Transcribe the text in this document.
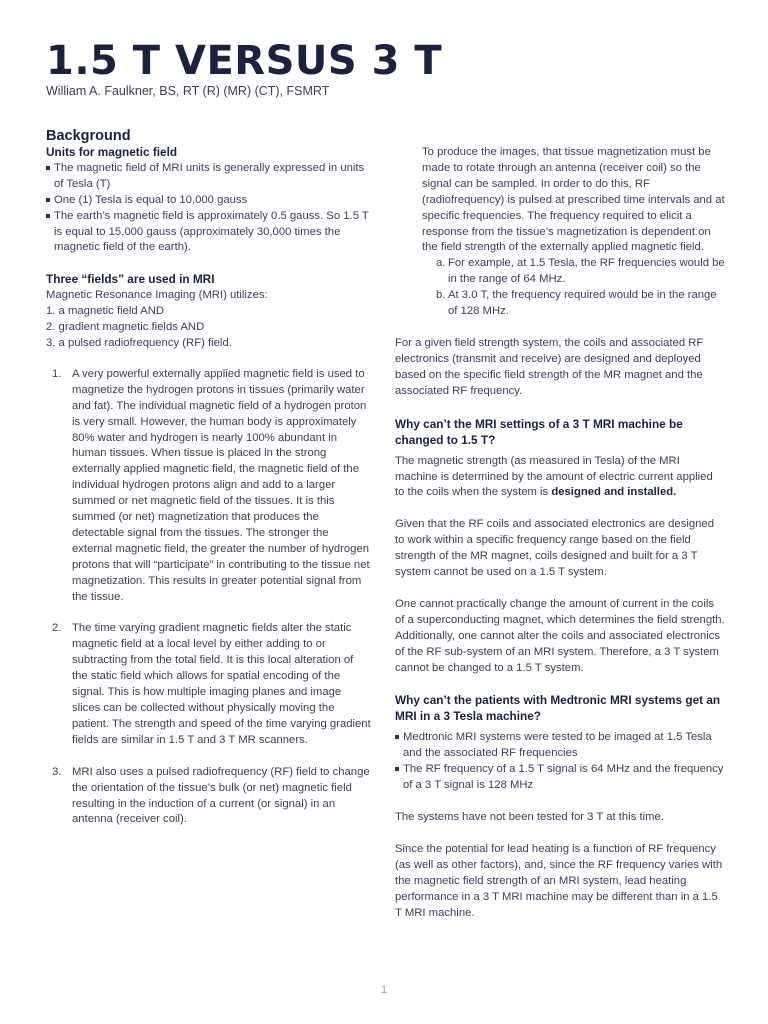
1.5 T VERSUS 3 T
William A. Faulkner, BS, RT (R) (MR) (CT), FSMRT
Background
Units for magnetic field
The magnetic field of MRI units is generally expressed in units of Tesla (T)
One (1) Tesla is equal to 10,000 gauss
The earth’s magnetic field is approximately 0.5 gauss. So 1.5 T is equal to 15,000 gauss (approximately 30,000 times the magnetic field of the earth).
Three “fields” are used in MRI
Magnetic Resonance Imaging (MRI) utilizes:
1. a magnetic field AND
2. gradient magnetic fields AND
3. a pulsed radiofrequency (RF) field.
1. A very powerful externally applied magnetic field is used to magnetize the hydrogen protons in tissues (primarily water and fat). The individual magnetic field of a hydrogen proton is very small. However, the human body is approximately 80% water and hydrogen is nearly 100% abundant in human tissues. When tissue is placed in the strong externally applied magnetic field, the magnetic field of the individual hydrogen protons align and add to a larger summed or net magnetic field of the tissues. It is this summed (or net) magnetization that produces the detectable signal from the tissues. The stronger the external magnetic field, the greater the number of hydrogen protons that will “participate” in contributing to the tissue net magnetization. This results in greater potential signal from the tissue.
2. The time varying gradient magnetic fields alter the static magnetic field at a local level by either adding to or subtracting from the total field. It is this local alteration of the static field which allows for spatial encoding of the signal. This is how multiple imaging planes and image slices can be collected without physically moving the patient. The strength and speed of the time varying gradient fields are similar in 1.5 T and 3 T MR scanners.
3. MRI also uses a pulsed radiofrequency (RF) field to change the orientation of the tissue’s bulk (or net) magnetic field resulting in the induction of a current (or signal) in an antenna (receiver coil).
To produce the images, that tissue magnetization must be made to rotate through an antenna (receiver coil) so the signal can be sampled. In order to do this, RF (radiofrequency) is pulsed at prescribed time intervals and at specific frequencies. The frequency required to elicit a response from the tissue’s magnetization is dependent on the field strength of the externally applied magnetic field.
a. For example, at 1.5 Tesla, the RF frequencies would be in the range of 64 MHz.
b. At 3.0 T, the frequency required would be in the range of 128 MHz.
For a given field strength system, the coils and associated RF electronics (transmit and receive) are designed and deployed based on the specific field strength of the MR magnet and the associated RF frequency.
Why can’t the MRI settings of a 3 T MRI machine be changed to 1.5 T?
The magnetic strength (as measured in Tesla) of the MRI machine is determined by the amount of electric current applied to the coils when the system is designed and installed.
Given that the RF coils and associated electronics are designed to work within a specific frequency range based on the field strength of the MR magnet, coils designed and built for a 3 T system cannot be used on a 1.5 T system.
One cannot practically change the amount of current in the coils of a superconducting magnet, which determines the field strength. Additionally, one cannot alter the coils and associated electronics of the RF sub-system of an MRI system. Therefore, a 3 T system cannot be changed to a 1.5 T system.
Why can’t the patients with Medtronic MRI systems get an MRI in a 3 Tesla machine?
Medtronic MRI systems were tested to be imaged at 1.5 Tesla and the associated RF frequencies
The RF frequency of a 1.5 T signal is 64 MHz and the frequency of a 3 T signal is 128 MHz
The systems have not been tested for 3 T at this time.
Since the potential for lead heating is a function of RF frequency (as well as other factors), and, since the RF frequency varies with the magnetic field strength of an MRI system, lead heating performance in a 3 T MRI machine may be different than in a 1.5 T MRI machine.
1
